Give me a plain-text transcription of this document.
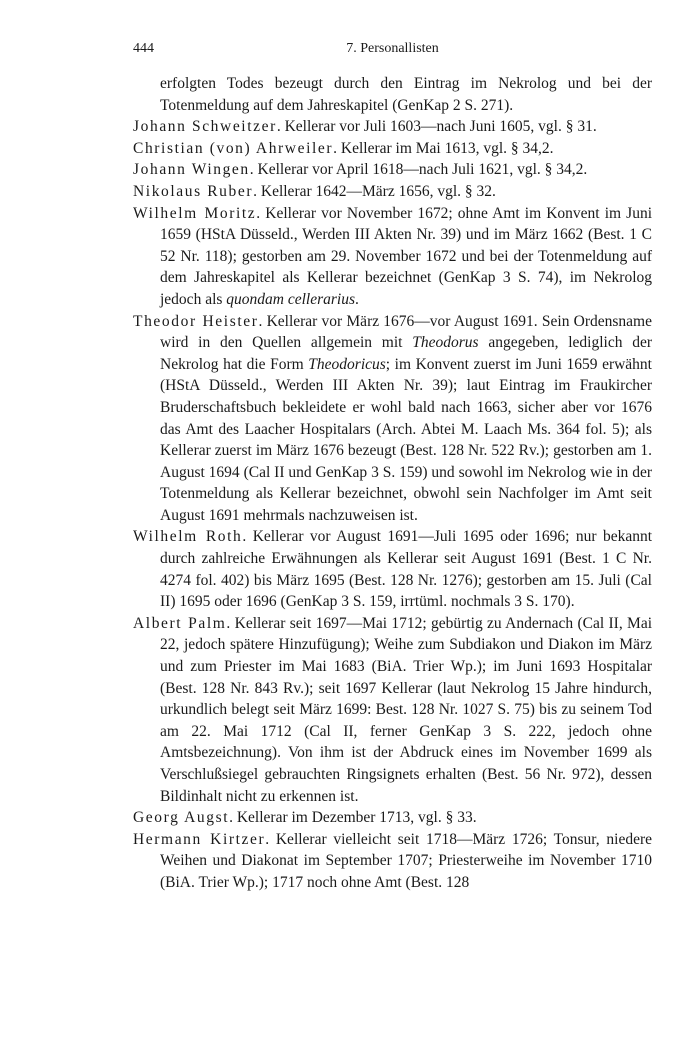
444	7. Personallisten

erfolgten Todes bezeugt durch den Eintrag im Nekrolog und bei der Totenmeldung auf dem Jahreskapitel (GenKap 2 S. 271).

Johann Schweitzer. Kellerar vor Juli 1603—nach Juni 1605, vgl. § 31.

Christian (von) Ahrweiler. Kellerar im Mai 1613, vgl. § 34,2.

Johann Wingen. Kellerar vor April 1618—nach Juli 1621, vgl. § 34,2.

Nikolaus Ruber. Kellerar 1642—März 1656, vgl. § 32.

Wilhelm Moritz. Kellerar vor November 1672; ohne Amt im Konvent im Juni 1659 (HStA Düsseld., Werden III Akten Nr. 39) und im März 1662 (Best. 1 C 52 Nr. 118); gestorben am 29. November 1672 und bei der Totenmeldung auf dem Jahreskapitel als Kellerar bezeichnet (GenKap 3 S. 74), im Nekrolog jedoch als quondam cellerarius.

Theodor Heister. Kellerar vor März 1676—vor August 1691. Sein Ordensname wird in den Quellen allgemein mit Theodorus angegeben, lediglich der Nekrolog hat die Form Theodoricus; im Konvent zuerst im Juni 1659 erwähnt (HStA Düsseld., Werden III Akten Nr. 39); laut Eintrag im Fraukircher Bruderschaftsbuch bekleidete er wohl bald nach 1663, sicher aber vor 1676 das Amt des Laacher Hospitalars (Arch. Abtei M. Laach Ms. 364 fol. 5); als Kellerar zuerst im März 1676 bezeugt (Best. 128 Nr. 522 Rv.); gestorben am 1. August 1694 (Cal II und GenKap 3 S. 159) und sowohl im Nekrolog wie in der Totenmeldung als Kellerar bezeichnet, obwohl sein Nachfolger im Amt seit August 1691 mehrmals nachzuweisen ist.

Wilhelm Roth. Kellerar vor August 1691—Juli 1695 oder 1696; nur bekannt durch zahlreiche Erwähnungen als Kellerar seit August 1691 (Best. 1 C Nr. 4274 fol. 402) bis März 1695 (Best. 128 Nr. 1276); gestorben am 15. Juli (Cal II) 1695 oder 1696 (GenKap 3 S. 159, irrtüml. nochmals 3 S. 170).

Albert Palm. Kellerar seit 1697—Mai 1712; gebürtig zu Andernach (Cal II, Mai 22, jedoch spätere Hinzufügung); Weihe zum Subdiakon und Diakon im März und zum Priester im Mai 1683 (BiA. Trier Wp.); im Juni 1693 Hospitalar (Best. 128 Nr. 843 Rv.); seit 1697 Kellerar (laut Nekrolog 15 Jahre hindurch, urkundlich belegt seit März 1699: Best. 128 Nr. 1027 S. 75) bis zu seinem Tod am 22. Mai 1712 (Cal II, ferner GenKap 3 S. 222, jedoch ohne Amtsbezeichnung). Von ihm ist der Abdruck eines im November 1699 als Verschlußsiegel gebrauchten Ringsignets erhalten (Best. 56 Nr. 972), dessen Bildinhalt nicht zu erkennen ist.

Georg Augst. Kellerar im Dezember 1713, vgl. § 33.

Hermann Kirtzer. Kellerar vielleicht seit 1718—März 1726; Tonsur, niedere Weihen und Diakonat im September 1707; Priesterweihe im November 1710 (BiA. Trier Wp.); 1717 noch ohne Amt (Best. 128
